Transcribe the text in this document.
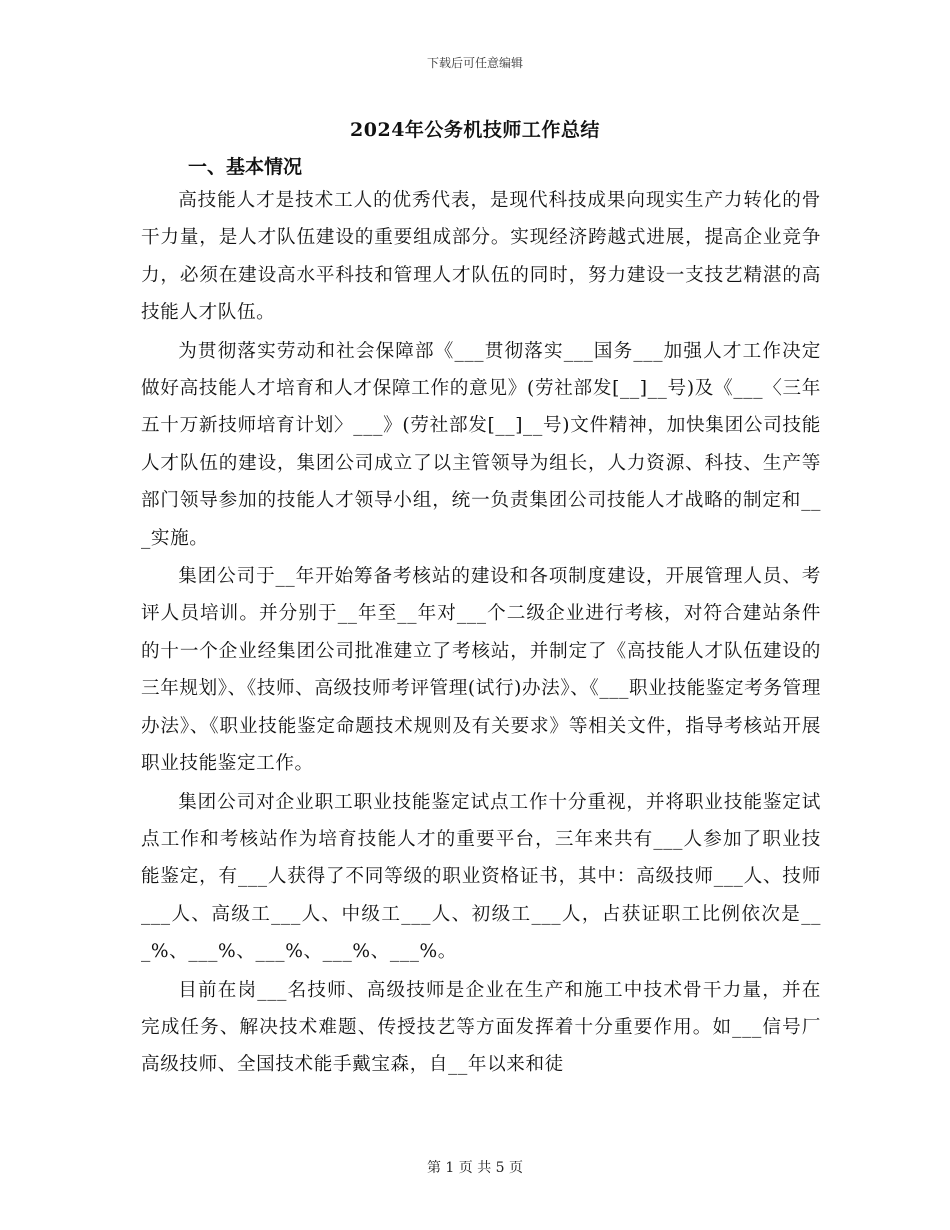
下载后可任意编辑
2024年公务机技师工作总结
一、基本情况

高技能人才是技术工人的优秀代表，是现代科技成果向现实生产力转化的骨干力量，是人才队伍建设的重要组成部分。实现经济跨越式进展，提高企业竞争力，必须在建设高水平科技和管理人才队伍的同时，努力建设一支技艺精湛的高技能人才队伍。

为贯彻落实劳动和社会保障部《___贯彻落实___国务___加强人才工作决定做好高技能人才培育和人才保障工作的意见》(劳社部发[__]__号)及《___〈三年五十万新技师培育计划〉___》(劳社部发[__]__号)文件精神，加快集团公司技能人才队伍的建设，集团公司成立了以主管领导为组长，人力资源、科技、生产等部门领导参加的技能人才领导小组，统一负责集团公司技能人才战略的制定和___实施。

集团公司于__年开始筹备考核站的建设和各项制度建设，开展管理人员、考评人员培训。并分别于__年至__年对___个二级企业进行考核，对符合建站条件的十一个企业经集团公司批准建立了考核站，并制定了《高技能人才队伍建设的三年规划》、《技师、高级技师考评管理(试行)办法》、《___职业技能鉴定考务管理办法》、《职业技能鉴定命题技术规则及有关要求》等相关文件，指导考核站开展职业技能鉴定工作。

集团公司对企业职工职业技能鉴定试点工作十分重视，并将职业技能鉴定试点工作和考核站作为培育技能人才的重要平台，三年来共有___人参加了职业技能鉴定，有___人获得了不同等级的职业资格证书，其中：高级技师___人、技师___人、高级工___人、中级工___人、初级工___人，占获证职工比例依次是___%、___%、___%、___%、___%。

目前在岗___名技师、高级技师是企业在生产和施工中技术骨干力量，并在完成任务、解决技术难题、传授技艺等方面发挥着十分重要作用。如___信号厂高级技师、全国技术能手戴宝森，自__年以来和徒

第 1 页 共 5 页
